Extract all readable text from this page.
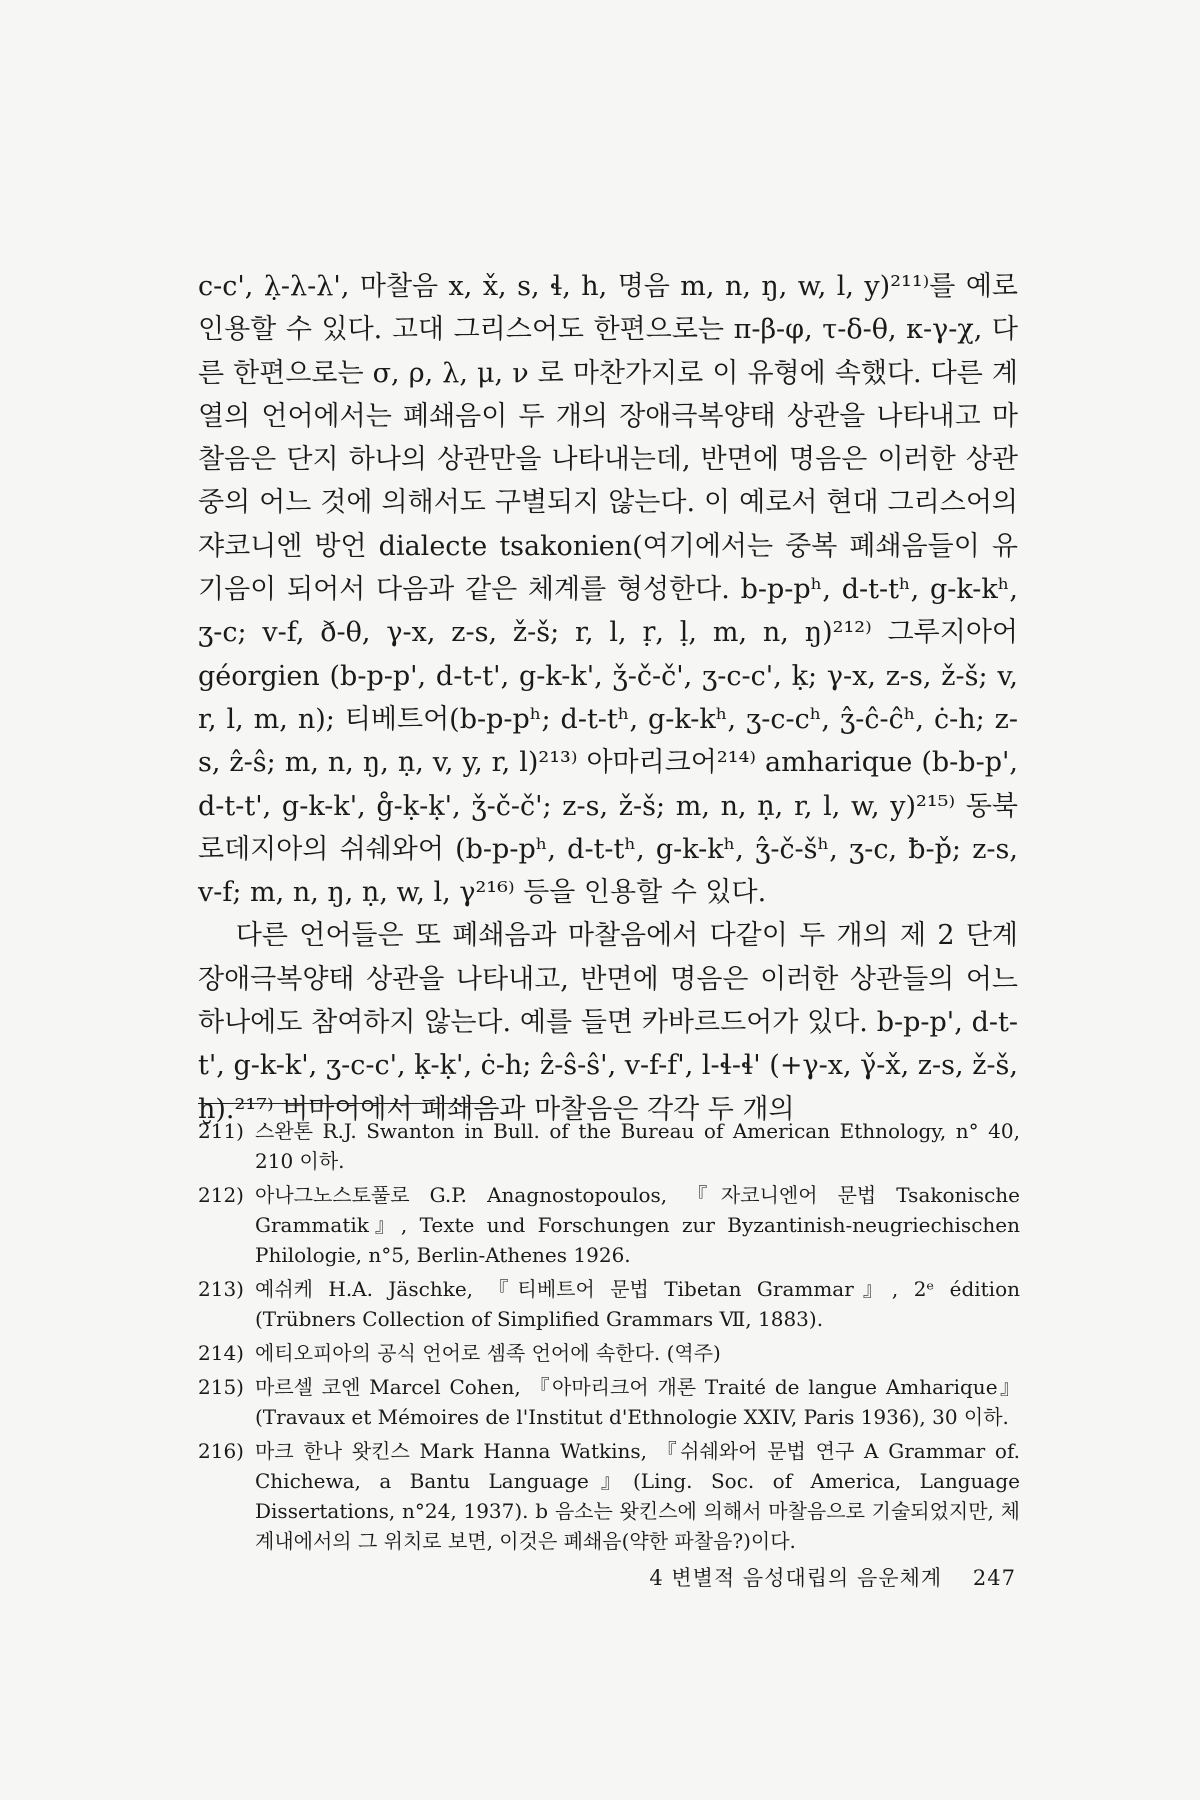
c-c', λ̣-λ-λ', 마찰음 x, x̌, s, ɬ, h, 명음 m, n, ŋ, w, l, y)²¹¹⁾를 예로 인용할 수 있다. 고대 그리스어도 한편으로는 π-β-φ, τ-δ-θ, κ-γ-χ, 다른 한편으로는 σ, ρ, λ, μ, ν 로 마찬가지로 이 유형에 속했다. 다른 계열의 언어에서는 폐쇄음이 두 개의 장애극복양태 상관을 나타내고 마찰음은 단지 하나의 상관만을 나타내는데, 반면에 명음은 이러한 상관 중의 어느 것에 의해서도 구별되지 않는다. 이 예로서 현대 그리스어의 쟈코니엔 방언 dialecte tsakonien(여기에서는 중복 폐쇄음들이 유기음이 되어서 다음과 같은 체계를 형성한다. b-p-pʰ, d-t-tʰ, g-k-kʰ, ʒ-c; v-f, ð-θ, γ-x, z-s, ž-š; r, l, ṛ, ḷ, m, n, ŋ)²¹²⁾ 그루지아어 géorgien (b-p-p', d-t-t', g-k-k', ǯ-č-č', ʒ-c-c', ḳ; γ-x, z-s, ž-š; v, r, l, m, n); 티베트어(b-p-pʰ; d-t-tʰ, g-k-kʰ, ʒ-c-cʰ, ʒ̂-ĉ-ĉʰ, ċ-h; z-s, ẑ-ŝ; m, n, ŋ, ṇ, v, y, r, l)²¹³⁾ 아마리크어²¹⁴⁾ amharique (b-b-p', d-t-t', g-k-k', g̊-ḳ-ḳ', ǯ-č-č'; z-s, ž-š; m, n, ṇ, r, l, w, y)²¹⁵⁾ 동북 로데지아의 쉬쉐와어 (b-p-pʰ, d-t-tʰ, g-k-kʰ, ʒ̂-č-šʰ, ʒ-c, ƀ-p̌; z-s, v-f; m, n, ŋ, ṇ, w, l, γ²¹⁶⁾ 등을 인용할 수 있다.

다른 언어들은 또 폐쇄음과 마찰음에서 다같이 두 개의 제 2 단계 장애극복양태 상관을 나타내고, 반면에 명음은 이러한 상관들의 어느 하나에도 참여하지 않는다. 예를 들면 카바르드어가 있다. b-p-p', d-t-t', g-k-k', ʒ-c-c', ḳ-ḳ', ċ-h; ẑ-ŝ-ŝ', v-f-f', l-ɬ-ɬ' (+γ-x, γ̌-x̌, z-s, ž-š, ḫ).²¹⁷⁾ 버마어에서 폐쇄음과 마찰음은 각각 두 개의

211) 스완톤 R.J. Swanton in Bull. of the Bureau of American Ethnology, n° 40, 210 이하.
212) 아나그노스토풀로 G.P. Anagnostopoulos, 『자코니엔어 문법 Tsakonische Grammatik』, Texte und Forschungen zur Byzantinish-neugriechischen Philologie, n°5, Berlin-Athenes 1926.
213) 예쉬케 H.A. Jäschke, 『티베트어 문법 Tibetan Grammar』, 2ᵉ édition (Trübners Collection of Simplified Grammars Ⅶ, 1883).
214) 에티오피아의 공식 언어로 셈족 언어에 속한다. (역주)
215) 마르셀 코엔 Marcel Cohen, 『아마리크어 개론 Traité de langue Amharique』 (Travaux et Mémoires de l'Institut d'Ethnologie XXIV, Paris 1936), 30 이하.
216) 마크 한나 왓킨스 Mark Hanna Watkins, 『쉬쉐와어 문법 연구 A Grammar of. Chichewa, a Bantu Language』(Ling. Soc. of America, Language Dissertations, n°24, 1937). b 음소는 왓킨스에 의해서 마찰음으로 기술되었지만, 체계내에서의 그 위치로 보면, 이것은 폐쇄음(약한 파찰음?)이다.
4 변별적 음성대립의 음운체계 247
